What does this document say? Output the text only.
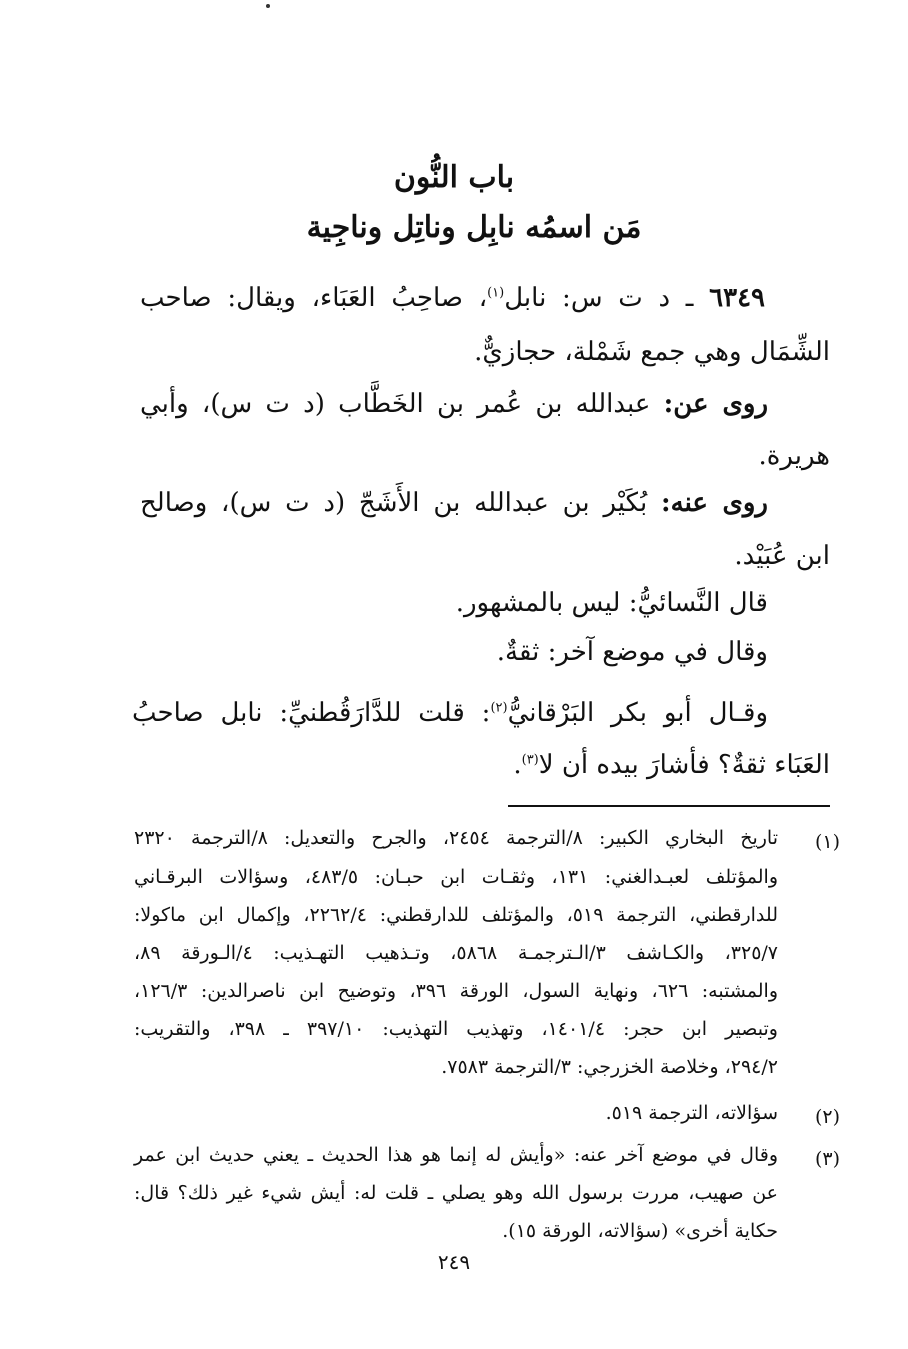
باب النُّون
مَن اسمُه نابِل وناتِل وناجِية
٦٣٤٩ ـ د ت س: نابل$^{(١)}$، صاحِبُ العَبَاء، ويقال: صاحب
الشِّمَال وهي جمع شَمْلة، حجازيٌّ.
روى عن: عبدالله بن عُمر بن الخَطَّاب (د ت س)، وأبي
هريرة.
روى عنه: بُكَيْر بن عبدالله بن الأَشَجّ (د ت س)، وصالح
ابن عُبَيْد.
قال النَّسائيُّ: ليس بالمشهور.
وقال في موضع آخر: ثقةٌ.
وقـال أبو بكر البَرْقانيُّ$^{(٢)}$: قلت للدَّارَقُطنيِّ: نابل صاحبُ
العَبَاء ثقةٌ؟ فأشارَ بيده أن لا$^{(٣)}$.
(١)
تاريخ البخاري الكبير: ٨/الترجمة ٢٤٥٤، والجرح والتعديل: ٨/الترجمة ٢٣٢٠
والمؤتلف لعبـدالغني: ١٣١، وثقـات ابن حبـان: ٤٨٣/٥، وسؤالات البرقـاني
للدارقطني، الترجمة ٥١٩، والمؤتلف للدارقطني: ٢٢٦٢/٤، وإكمال ابن ماكولا:
٣٢٥/٧، والكـاشف ٣/الـترجمـة ٥٨٦٨، وتـذهيب التهـذيب: ٤/الـورقة ٨٩،
والمشتبه: ٦٢٦، ونهاية السول، الورقة ٣٩٦، وتوضيح ابن ناصرالدين: ١٢٦/٣،
وتبصير ابن حجر: ١٤٠١/٤، وتهذيب التهذيب: ٣٩٧/١٠ ـ ٣٩٨، والتقريب:
٢٩٤/٢، وخلاصة الخزرجي: ٣/الترجمة ٧٥٨٣.
(٢)
سؤالاته، الترجمة ٥١٩.
(٣)
وقال في موضع آخر عنه: «وأيش له إنما هو هذا الحديث ـ يعني حديث ابن عمر
عن صهيب، مررت برسول الله وهو يصلي ـ قلت له: أيش شيء غير ذلك؟ قال:
حكاية أخرى» (سؤالاته، الورقة ١٥).
٢٤٩
